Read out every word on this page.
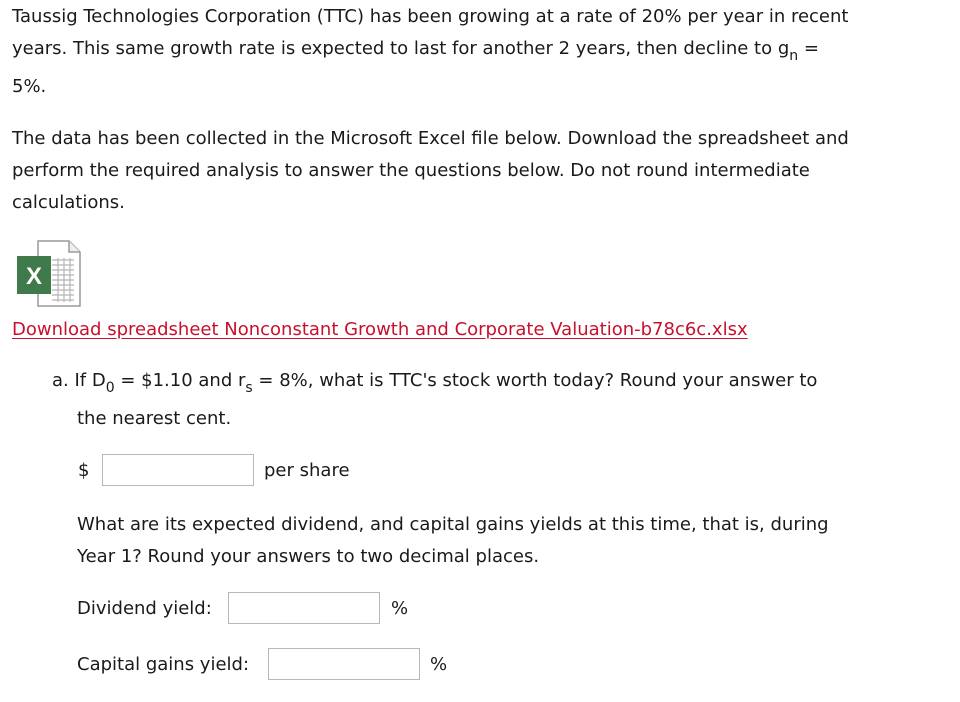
Taussig Technologies Corporation (TTC) has been growing at a rate of 20% per year in recent
years. This same growth rate is expected to last for another 2 years, then decline to $g_n$ =
5%.
The data has been collected in the Microsoft Excel file below. Download the spreadsheet and
perform the required analysis to answer the questions below. Do not round intermediate
calculations.
X
Download spreadsheet Nonconstant Growth and Corporate Valuation-b78c6c.xlsx
a. If $D_0$ = $1.10 and $r_s = 8\%$, what is TTC's stock worth today? Round your answer to
the nearest cent.
$	per share
What are its expected dividend, and capital gains yields at this time, that is, during
Year 1? Round your answers to two decimal places.
Dividend yield:	%
Capital gains yield:	%
